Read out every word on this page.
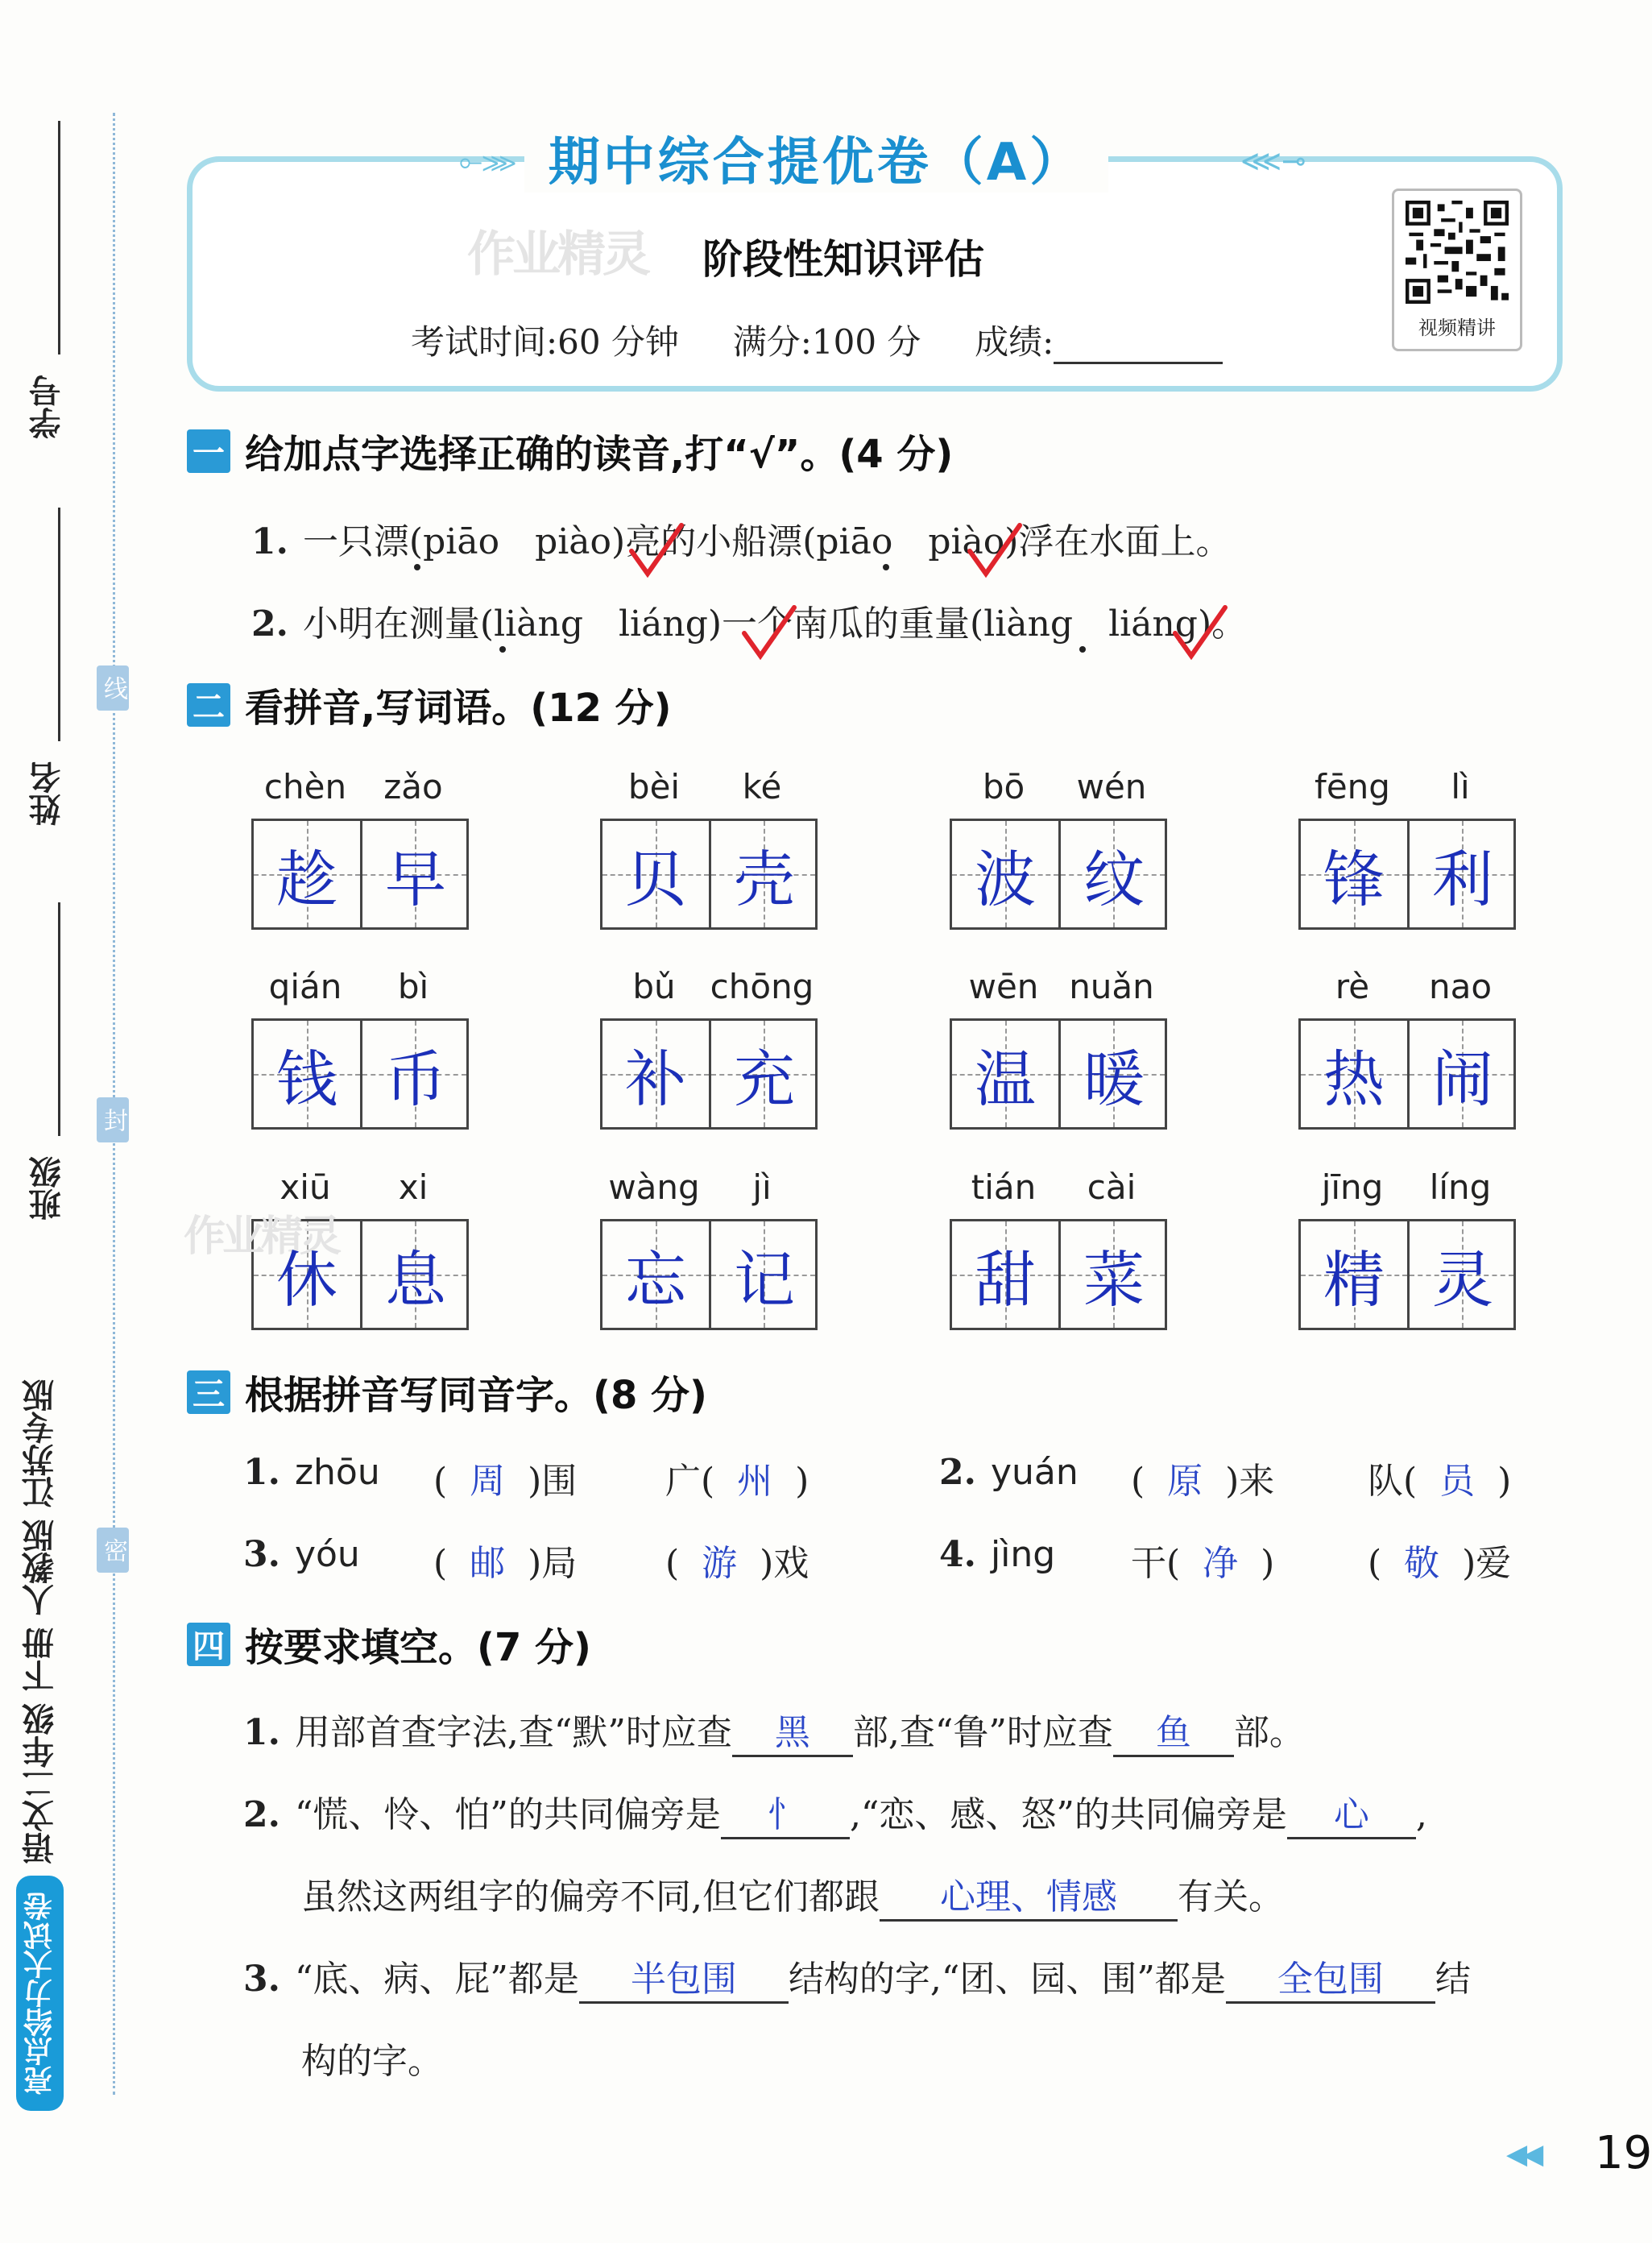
学号
姓名
班级
线
封
密
亮点给力大试卷
语文二年级
下册
人教版
江苏专版
⟜⋙	⋘⊸
期中综合提优卷（A）
作业精灵 阶段性知识评估
考试时间:60 分钟 满分:100 分 成绩:	视频精讲
一 给加点字选择正确的读音,打“√”。(4 分)
1. 一只漂(piāo　piào)亮的小船漂(piāo　piào)浮在水面上。
2. 小明在测量(liàng　liáng)一个南瓜的重量(liàng　liáng)。
二 看拼音,写词语。(12 分)
chèn	zǎo
趁 早
bèi	ké
贝 壳
bō	wén
波 纹
fēng	lì
锋 利
qián	bì
钱 币
bǔ	chōng
补 充
wēn nuǎn
温 暖
rè	nao
热 闹
xiū	xi
休 息
wàng	jì
忘 记
tián	cài
甜 菜
jīng	líng
精 灵
作业精灵
三 根据拼音写同音字。(8 分)
1. zhōu (  周 )围 广( 州 )	2. yuán (  原 )来	队( 员 )
3. yóu (  邮 )局 ( 游 )戏	4. jìng 干( 净 )	( 敬 )爱
四 按要求填空。(7 分)
1. 用部首查字法,查“默”时应查 黑 部,查“鲁”时应查 鱼 部。
2. “慌、怜、怕”的共同偏旁是 忄 ,“恋、感、怒”的共同偏旁是 心 ,
虽然这两组字的偏旁不同,但它们都跟 心理、情感 有关。
3. “底、病、屁”都是 半包围 结构的字,“团、园、围”都是 全包围 结
构的字。
◀◀ 19
